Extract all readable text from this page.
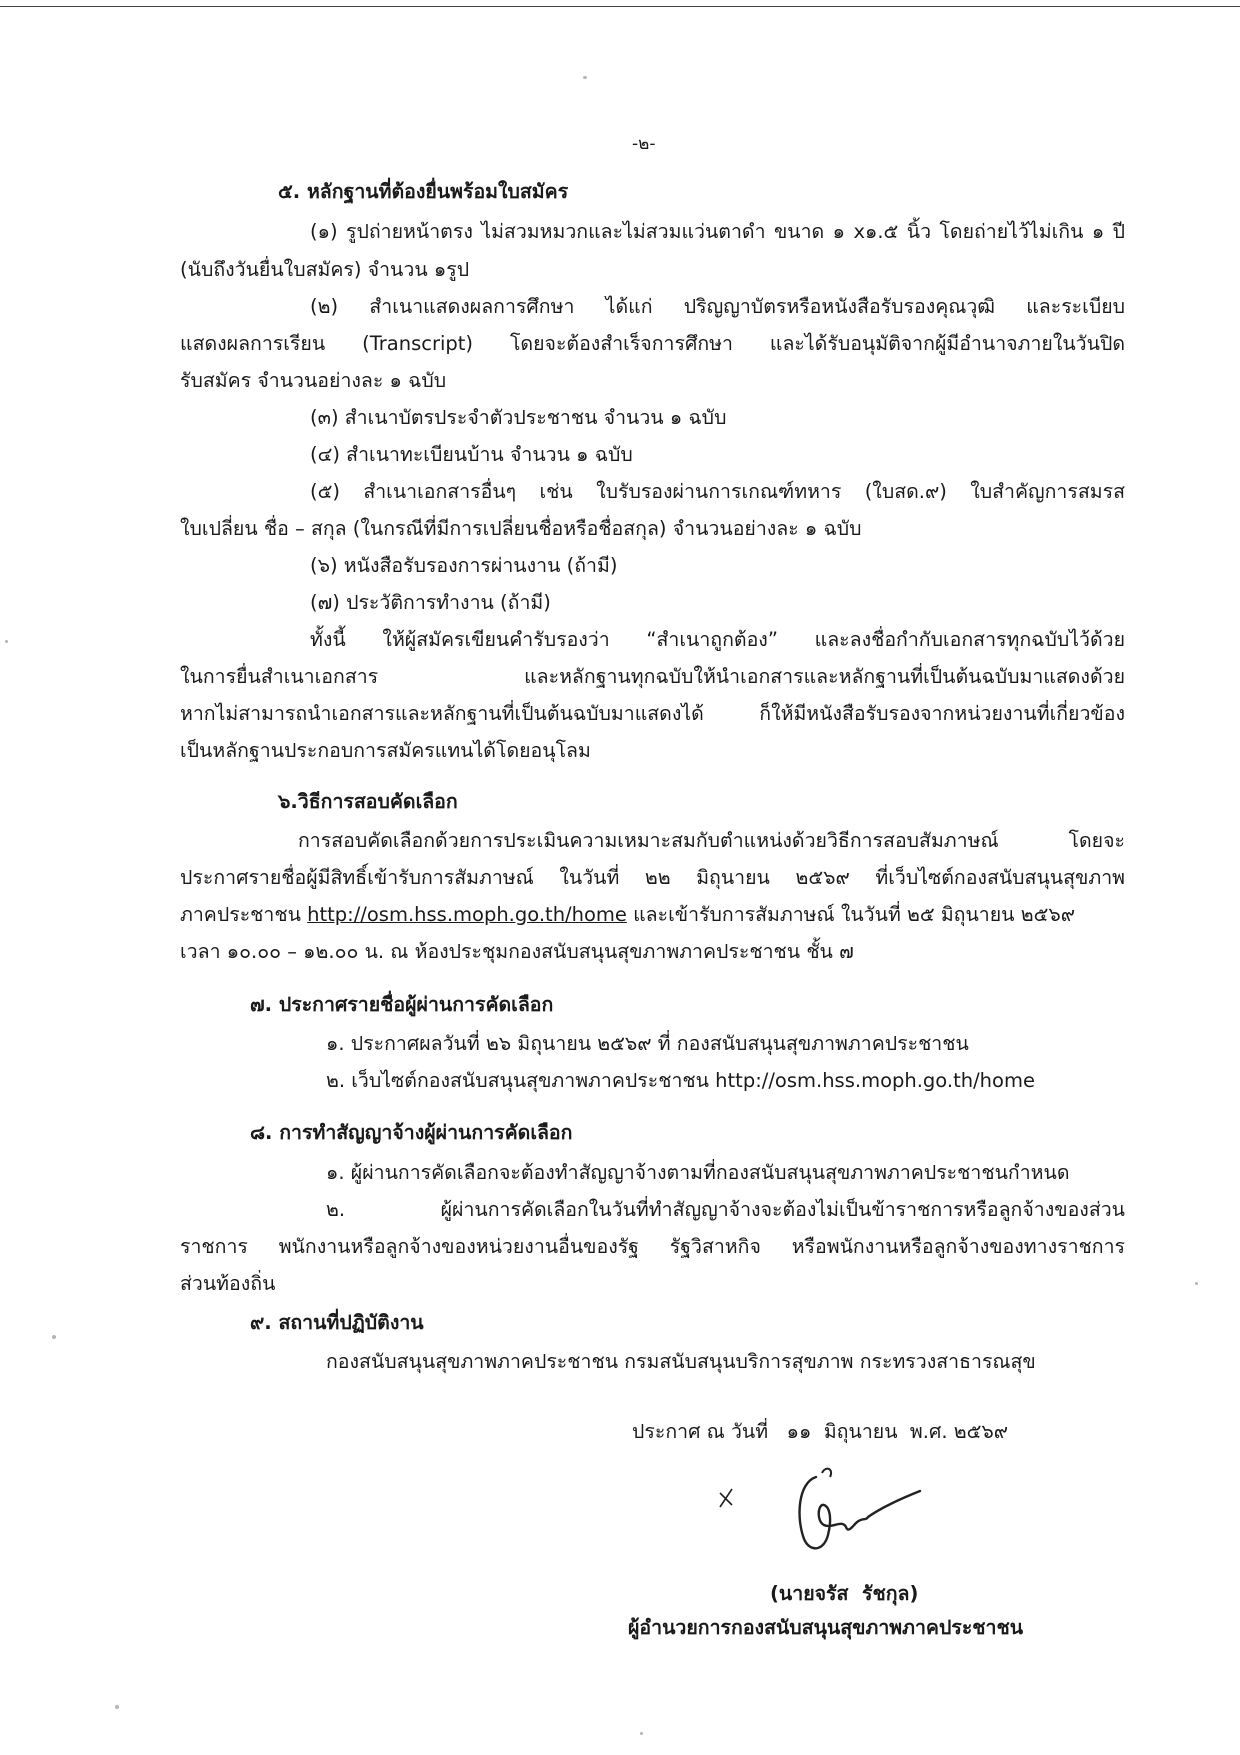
-๒-
๕. หลักฐานที่ต้องยื่นพร้อมใบสมัคร
(๑) รูปถ่ายหน้าตรง ไม่สวมหมวกและไม่สวมแว่นตาดำ ขนาด ๑ x๑.๕ นิ้ว โดยถ่ายไว้ไม่เกิน ๑ ปี
(นับถึงวันยื่นใบสมัคร) จำนวน ๑รูป
(๒) สำเนาแสดงผลการศึกษา ได้แก่ ปริญญาบัตรหรือหนังสือรับรองคุณวุฒิ และระเบียบ
แสดงผลการเรียน (Transcript) โดยจะต้องสำเร็จการศึกษา และได้รับอนุมัติจากผู้มีอำนาจภายในวันปิด
รับสมัคร จำนวนอย่างละ ๑ ฉบับ
(๓) สำเนาบัตรประจำตัวประชาชน จำนวน ๑ ฉบับ
(๔) สำเนาทะเบียนบ้าน จำนวน ๑ ฉบับ
(๕) สำเนาเอกสารอื่นๆ เช่น ใบรับรองผ่านการเกณฑ์ทหาร (ใบสด.๙) ใบสำคัญการสมรส
ใบเปลี่ยน ชื่อ – สกุล (ในกรณีที่มีการเปลี่ยนชื่อหรือชื่อสกุล) จำนวนอย่างละ ๑ ฉบับ
(๖) หนังสือรับรองการผ่านงาน (ถ้ามี)
(๗) ประวัติการทำงาน (ถ้ามี)
ทั้งนี้ ให้ผู้สมัครเขียนคำรับรองว่า “สำเนาถูกต้อง” และลงชื่อกำกับเอกสารทุกฉบับไว้ด้วย
ในการยื่นสำเนาเอกสาร และหลักฐานทุกฉบับให้นำเอกสารและหลักฐานที่เป็นต้นฉบับมาแสดงด้วย
หากไม่สามารถนำเอกสารและหลักฐานที่เป็นต้นฉบับมาแสดงได้ ก็ให้มีหนังสือรับรองจากหน่วยงานที่เกี่ยวข้อง
เป็นหลักฐานประกอบการสมัครแทนได้โดยอนุโลม
๖.วิธีการสอบคัดเลือก
การสอบคัดเลือกด้วยการประเมินความเหมาะสมกับตำแหน่งด้วยวิธีการสอบสัมภาษณ์ โดยจะ
ประกาศรายชื่อผู้มีสิทธิ์เข้ารับการสัมภาษณ์ ในวันที่ ๒๒ มิถุนายน ๒๕๖๙ ที่เว็บไซต์กองสนับสนุนสุขภาพ
ภาคประชาชน http://osm.hss.moph.go.th/home และเข้ารับการสัมภาษณ์ ในวันที่ ๒๕ มิถุนายน ๒๕๖๙
เวลา ๑๐.๐๐ – ๑๒.๐๐ น. ณ ห้องประชุมกองสนับสนุนสุขภาพภาคประชาชน ชั้น ๗
๗. ประกาศรายชื่อผู้ผ่านการคัดเลือก
๑. ประกาศผลวันที่ ๒๖ มิถุนายน ๒๕๖๙ ที่ กองสนับสนุนสุขภาพภาคประชาชน
๒. เว็บไซต์กองสนับสนุนสุขภาพภาคประชาชน http://osm.hss.moph.go.th/home
๘. การทำสัญญาจ้างผู้ผ่านการคัดเลือก
๑. ผู้ผ่านการคัดเลือกจะต้องทำสัญญาจ้างตามที่กองสนับสนุนสุขภาพภาคประชาชนกำหนด
๒. ผู้ผ่านการคัดเลือกในวันที่ทำสัญญาจ้างจะต้องไม่เป็นข้าราชการหรือลูกจ้างของส่วน
ราชการ พนักงานหรือลูกจ้างของหน่วยงานอื่นของรัฐ รัฐวิสาหกิจ หรือพนักงานหรือลูกจ้างของทางราชการ
ส่วนท้องถิ่น
๙. สถานที่ปฏิบัติงาน
กองสนับสนุนสุขภาพภาคประชาชน กรมสนับสนุนบริการสุขภาพ กระทรวงสาธารณสุข
ประกาศ ณ วันที่   ๑๑  มิถุนายน  พ.ศ. ๒๕๖๙
(นายจรัส  รัชกุล)
ผู้อำนวยการกองสนับสนุนสุขภาพภาคประชาชน
